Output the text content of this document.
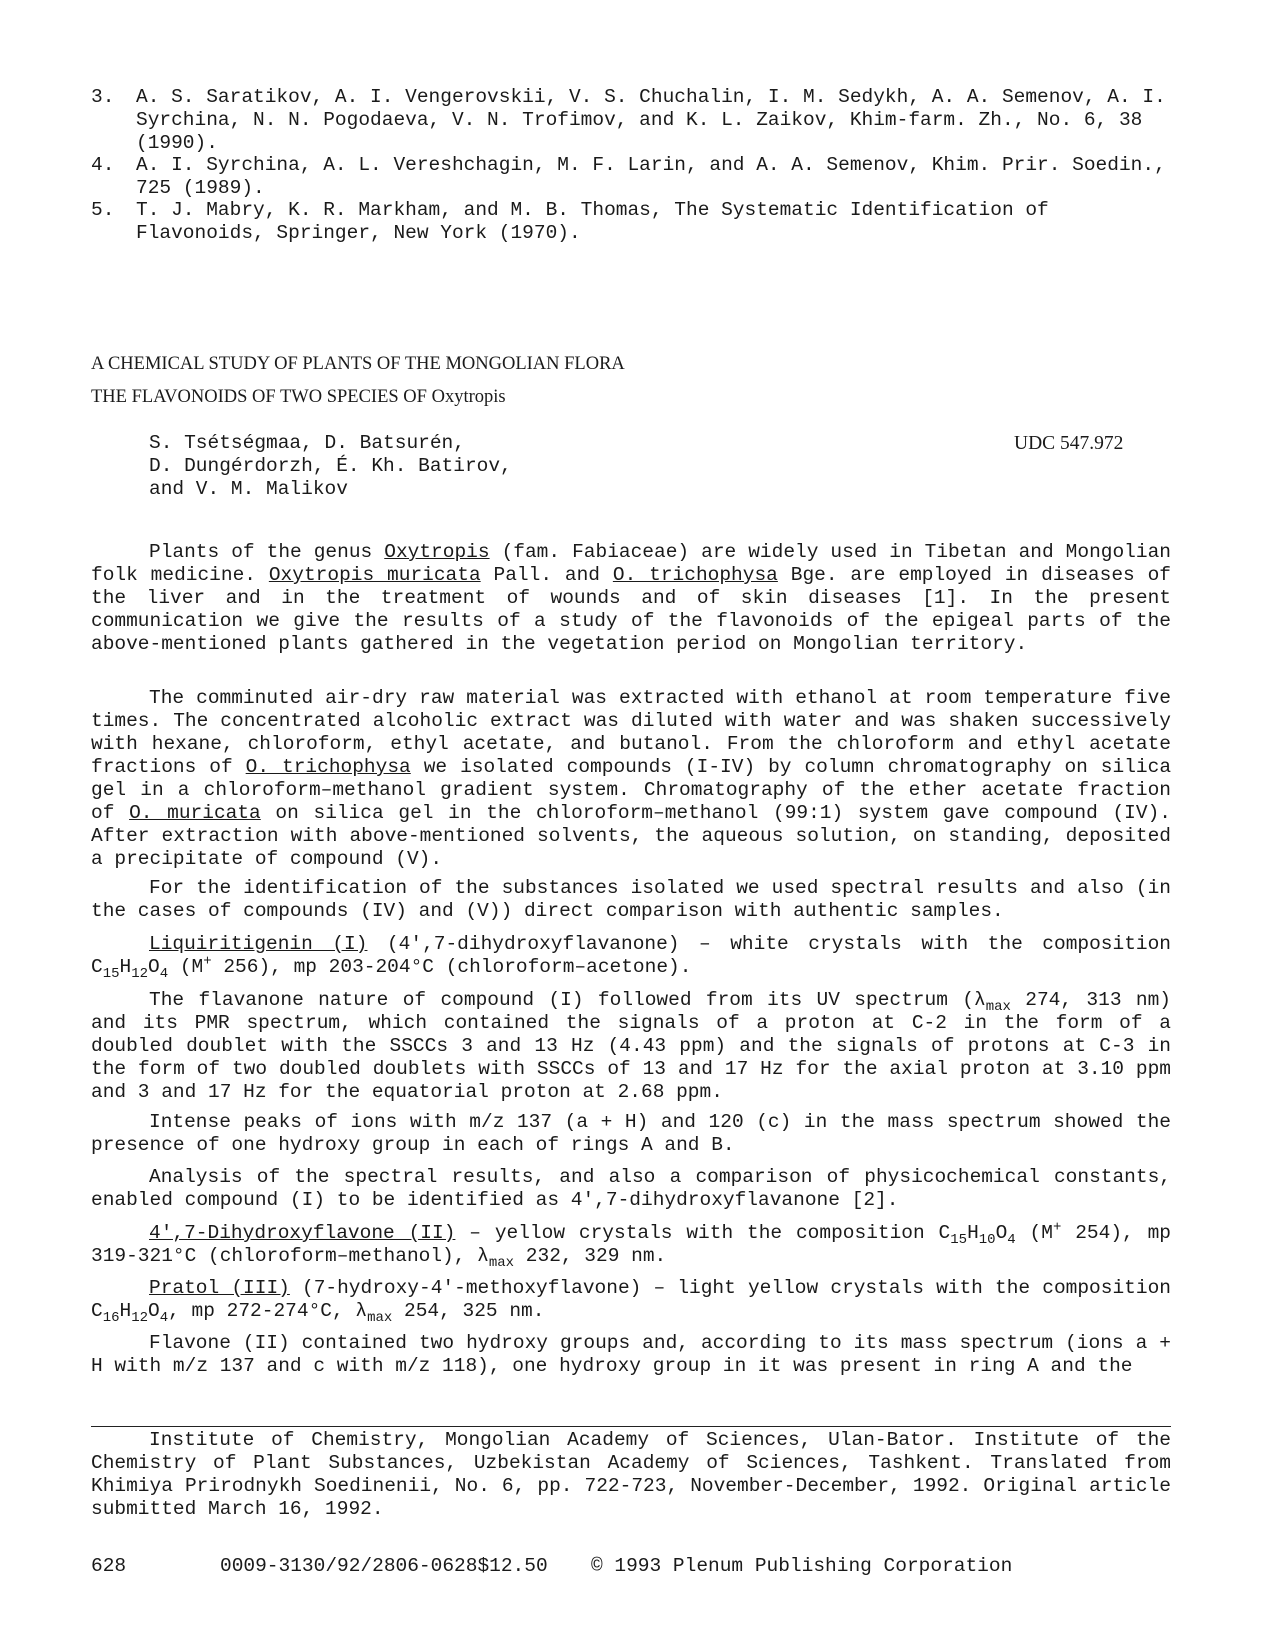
3. A. S. Saratikov, A. I. Vengerovskii, V. S. Chuchalin, I. M. Sedykh, A. A. Semenov, A. I. Syrchina, N. N. Pogodaeva, V. N. Trofimov, and K. L. Zaikov, Khim-farm. Zh., No. 6, 38 (1990).
4. A. I. Syrchina, A. L. Vereshchagin, M. F. Larin, and A. A. Semenov, Khim. Prir. Soedin., 725 (1989).
5. T. J. Mabry, K. R. Markham, and M. B. Thomas, The Systematic Identification of Flavonoids, Springer, New York (1970).
A CHEMICAL STUDY OF PLANTS OF THE MONGOLIAN FLORA
THE FLAVONOIDS OF TWO SPECIES OF Oxytropis
S. Tsétségmaa, D. Batsurén,
D. Dungérdorzh, É. Kh. Batirov,
and V. M. Malikov
UDC 547.972
Plants of the genus Oxytropis (fam. Fabiaceae) are widely used in Tibetan and Mongolian folk medicine. Oxytropis muricata Pall. and O. trichophysa Bge. are employed in diseases of the liver and in the treatment of wounds and of skin diseases [1]. In the present communication we give the results of a study of the flavonoids of the epigeal parts of the above-mentioned plants gathered in the vegetation period on Mongolian territory.
The comminuted air-dry raw material was extracted with ethanol at room temperature five times. The concentrated alcoholic extract was diluted with water and was shaken successively with hexane, chloroform, ethyl acetate, and butanol. From the chloroform and ethyl acetate fractions of O. trichophysa we isolated compounds (I-IV) by column chromatography on silica gel in a chloroform–methanol gradient system. Chromatography of the ether acetate fraction of O. muricata on silica gel in the chloroform–methanol (99:1) system gave compound (IV). After extraction with above-mentioned solvents, the aqueous solution, on standing, deposited a precipitate of compound (V).
For the identification of the substances isolated we used spectral results and also (in the cases of compounds (IV) and (V)) direct comparison with authentic samples.
Liquiritigenin (I) (4',7-dihydroxyflavanone) – white crystals with the composition $C_{15}H_{12}O_4$ (M+ 256), mp 203-204°C (chloroform–acetone).
The flavanone nature of compound (I) followed from its UV spectrum ($\lambda_{max}$ 274, 313 nm) and its PMR spectrum, which contained the signals of a proton at C-2 in the form of a doubled doublet with the SSCCs 3 and 13 Hz (4.43 ppm) and the signals of protons at C-3 in the form of two doubled doublets with SSCCs of 13 and 17 Hz for the axial proton at 3.10 ppm and 3 and 17 Hz for the equatorial proton at 2.68 ppm.
Intense peaks of ions with m/z 137 (a + H) and 120 (c) in the mass spectrum showed the presence of one hydroxy group in each of rings A and B.
Analysis of the spectral results, and also a comparison of physicochemical constants, enabled compound (I) to be identified as 4',7-dihydroxyflavanone [2].
4',7-Dihydroxyflavone (II) – yellow crystals with the composition $C_{15}H_{10}O_4$ (M+ 254), mp 319-321°C (chloroform–methanol), $\lambda_{max}$ 232, 329 nm.
Pratol (III) (7-hydroxy-4'-methoxyflavone) – light yellow crystals with the composition $C_{16}H_{12}O_4$, mp 272-274°C, $\lambda_{max}$ 254, 325 nm.
Flavone (II) contained two hydroxy groups and, according to its mass spectrum (ions a + H with m/z 137 and c with m/z 118), one hydroxy group in it was present in ring A and the
Institute of Chemistry, Mongolian Academy of Sciences, Ulan-Bator. Institute of the Chemistry of Plant Substances, Uzbekistan Academy of Sciences, Tashkent. Translated from Khimiya Prirodnykh Soedinenii, No. 6, pp. 722-723, November-December, 1992. Original article submitted March 16, 1992.
628	0009-3130/92/2806-0628$12.50 © 1993 Plenum Publishing Corporation
